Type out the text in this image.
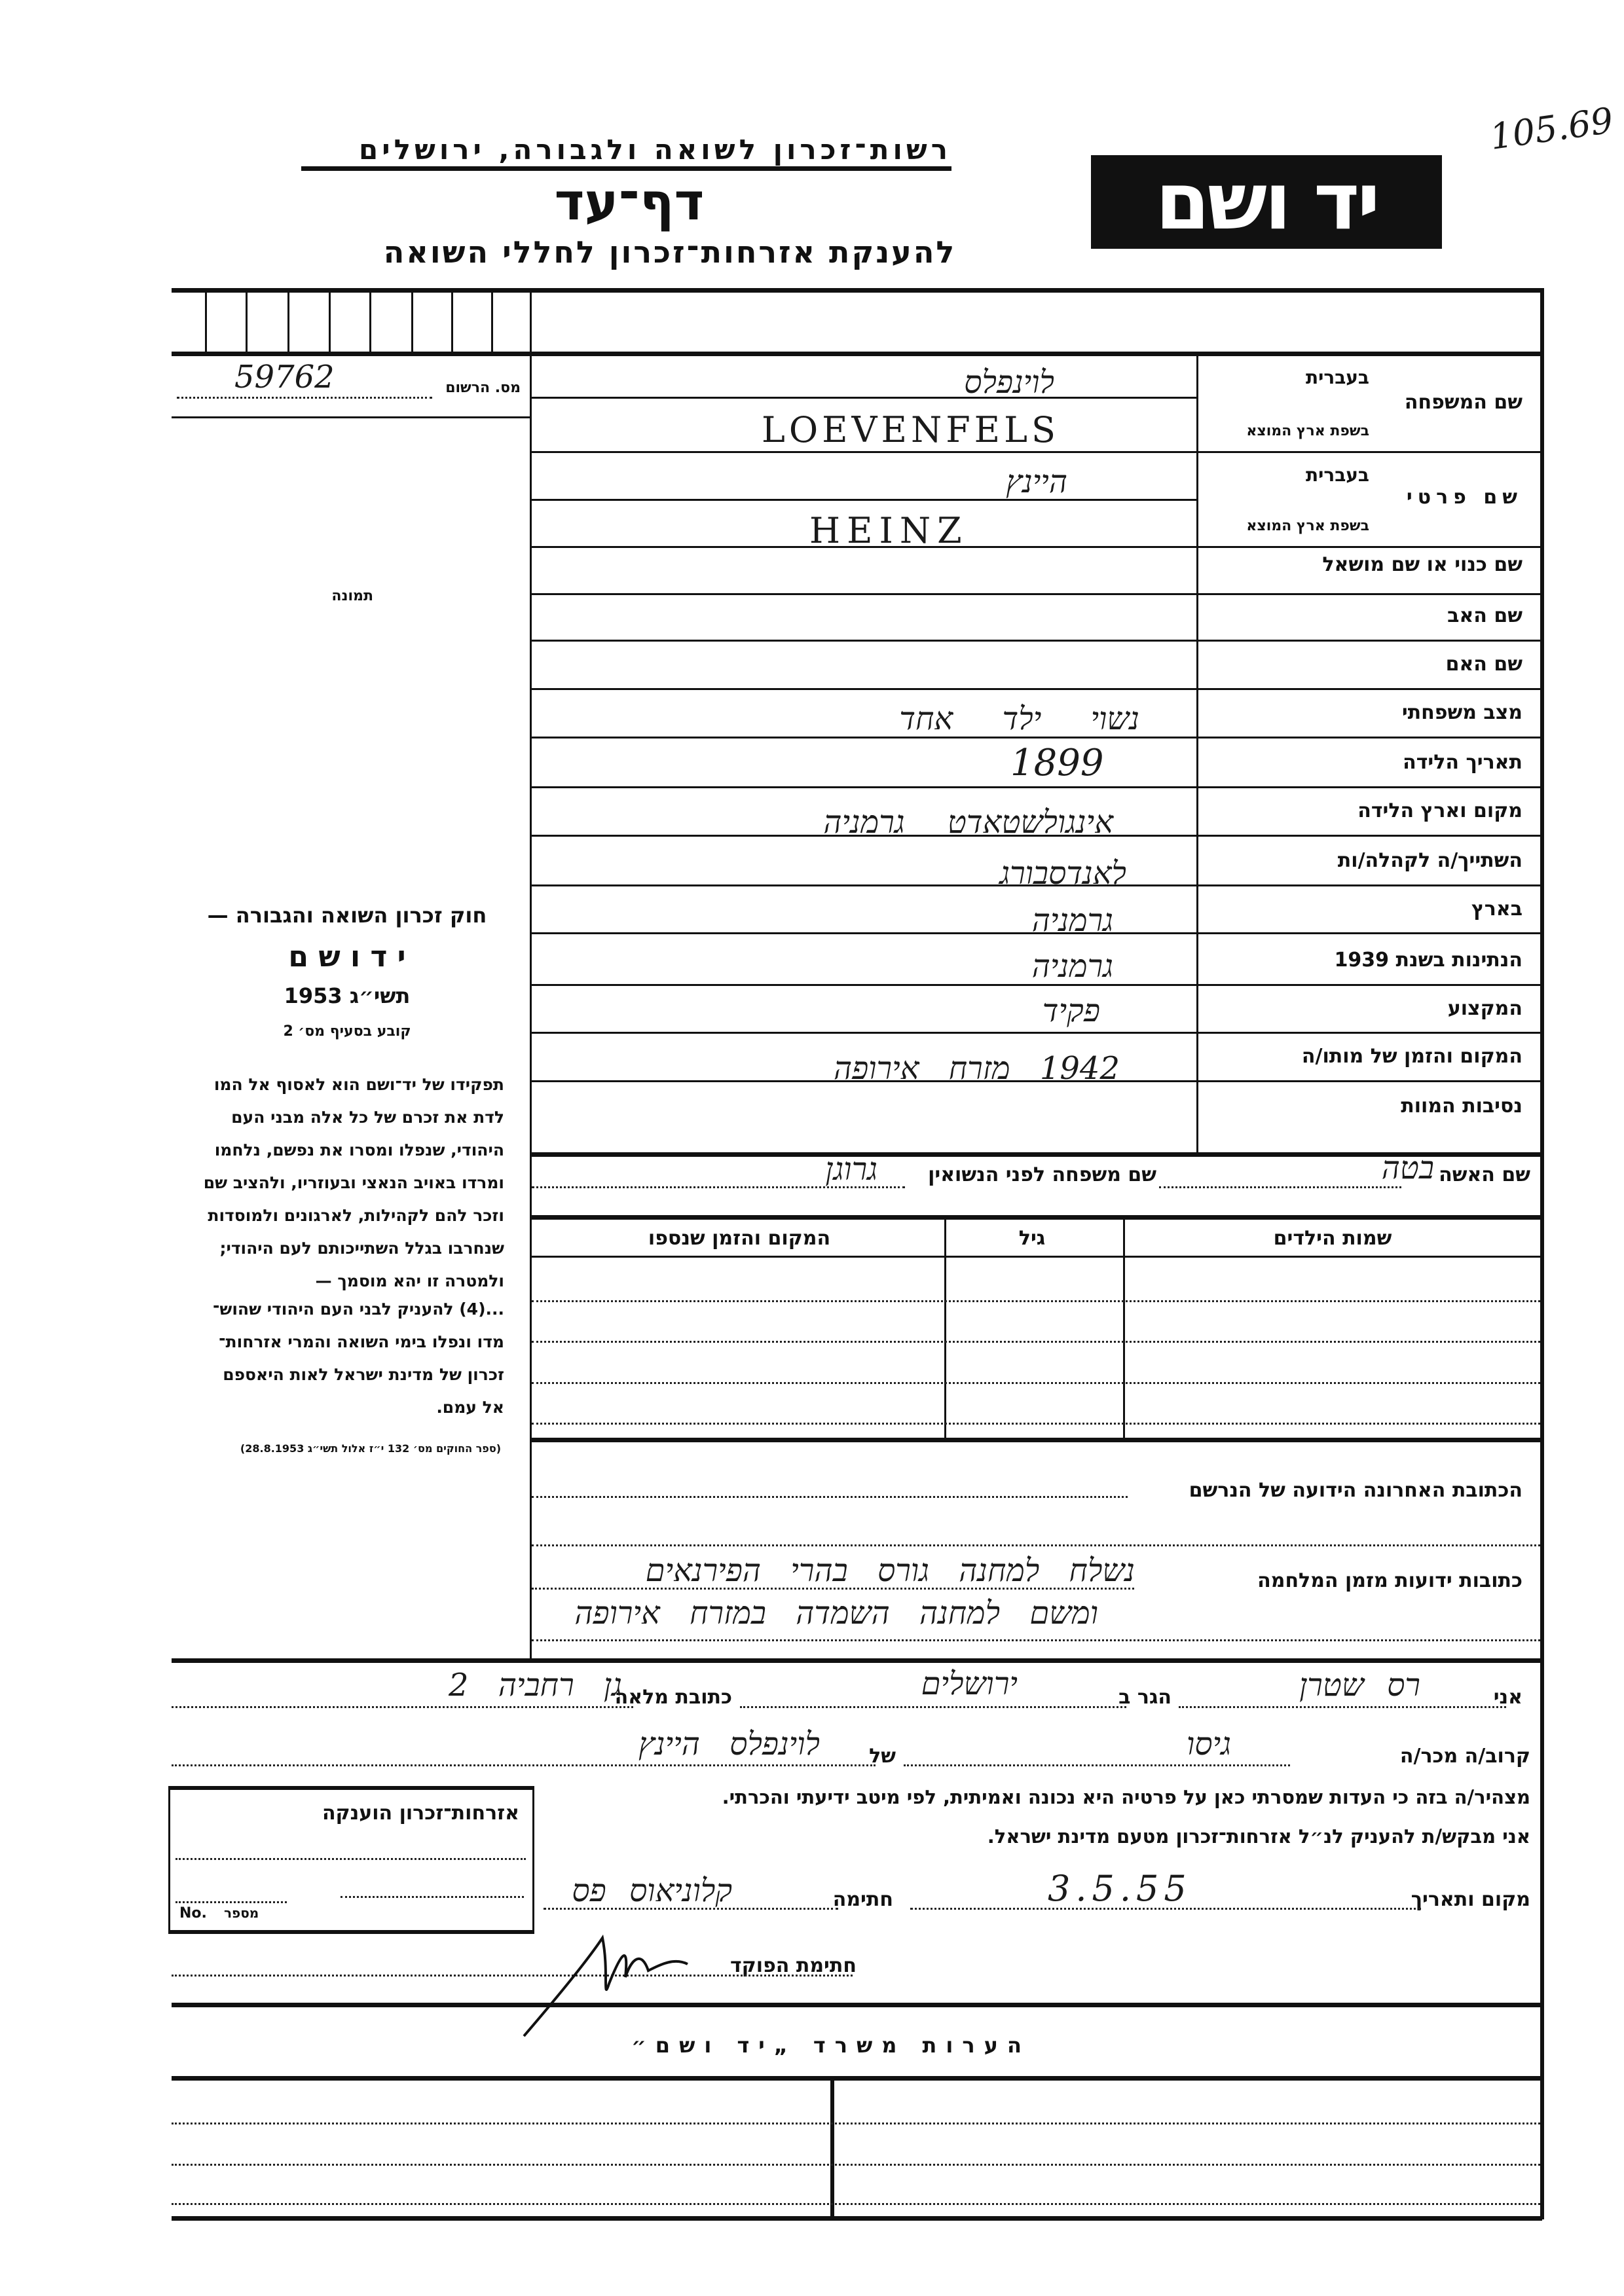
רשות־זכרון לשואה ולגבורה, ירושלים
דף־עד
להענקת אזרחות־זכרון לחללי השואה
יד ושם
105.69
מס. הרשום
59762
תמונה
שם המשפחה
בעברית
בשפת ארץ המוצא
שם פרטי
בעברית
בשפת ארץ המוצא
שם כנוי או שם מושאל
שם האב
שם האם
מצב משפחתי
תאריך הלידה
מקום וארץ הלידה
השתייך/ה לקהלה/ות
בארץ
הנתינות בשנת 1939
המקצוע
המקום והזמן של מותו/ה
נסיבות המוות
לוינפלס
LOEVENFELS
היינץ
HEINZ
נשוי ילד אחד
1899
אינגולשטאדט גרמניה
לאנדסבורג
גרמניה
גרמניה
פקיד
1942 מזרח אירופה
חוק זכרון השואה והגבורה —
י ד ו ש ם
תשי״ג 1953
קובע בסעיף מס׳ 2
תפקידו של יד־ושם הוא לאסוף אל המו
לדת את זכרם של כל אלה מבני העם
היהודי, שנפלו ומסרו את נפשם, נלחמו
ומרדו באויב הנאצי ובעוזריו, ולהציב שם
וזכר להם לקהילות, לארגונים ולמוסדות
שנחרבו בגלל השתייכותם לעם היהודי;
ולמטרה זו יהא מוסמך —
...(4) להעניק לבני העם היהודי שהוש־
מדו ונפלו בימי השואה והמרי אזרחות־
זכרון של מדינת ישראל לאות היאספם
אל עמם.
(ספר החוקים מס׳ 132 י״ז אלול תשי״ג 28.8.1953)
שם האשה
בטה
שם משפחה לפני הנשואין
גרוגן
שמות הילדים
גיל
המקום והזמן שנספו
הכתובת האחרונה הידועה של הנרשם
כתובות ידועות מזמן המלחמה
נשלח למחנה גורס בהרי הפירנאים
ומשם למחנה השמדה במזרח אירופה
אני
רס שטרן
הגר ב
ירושלים
כתובת מלאה
גן רחביה 2
קרוב/ה מכר/ה
גיסו
של
לוינפלס היינץ
מצהיר/ה בזה כי העדות שמסרתי כאן על פרטיה היא נכונה ואמיתית, לפי מיטב ידיעתי והכרתי.
אני מבקש/ת להעניק לנ״ל אזרחות־זכרון מטעם מדינת ישראל.
מקום ותאריך
3.5.55
חתימה
קלוניאוס פס
אזרחות־זכרון הוענקה
No. מספר
חתימת הפוקד
הערות משרד „יד ושם״
